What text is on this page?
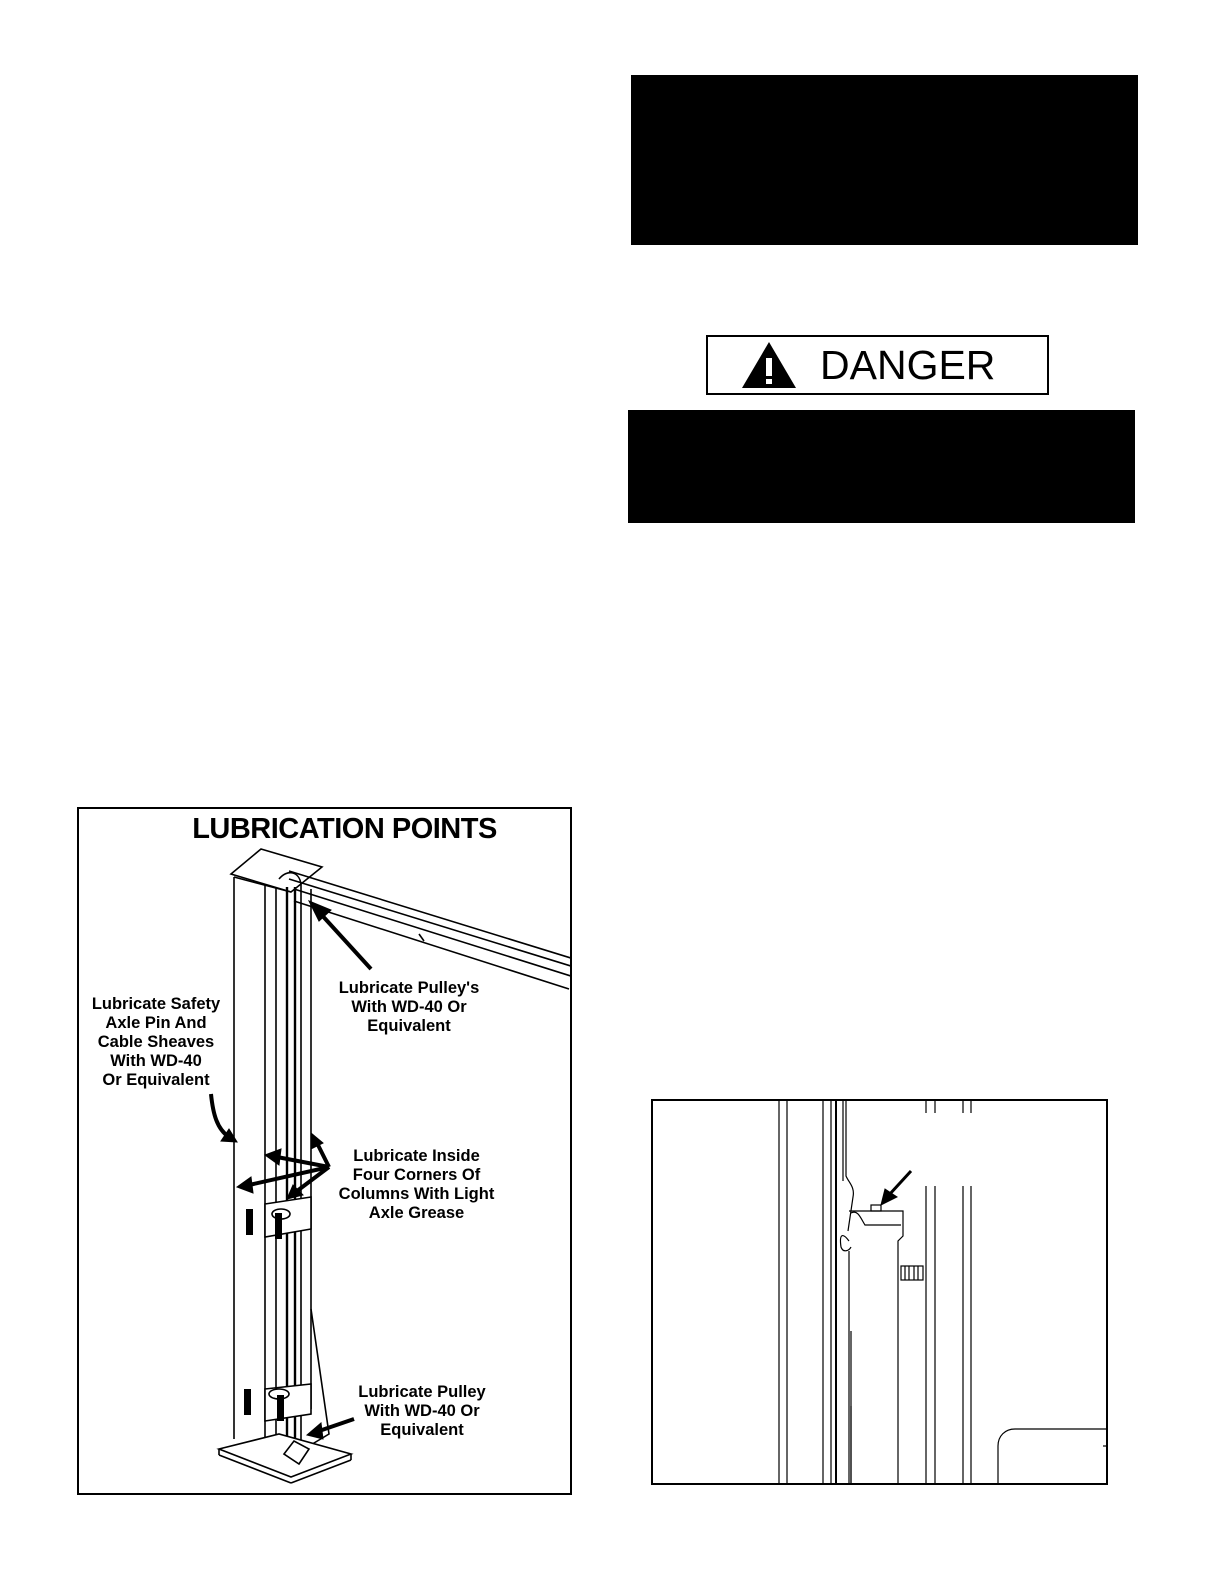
DANGER
LUBRICATION POINTS
Lubricate Safety
Axle Pin And
Cable Sheaves
With WD-40
Or Equivalent
Lubricate Pulley's
With WD-40 Or
Equivalent
Lubricate Inside
Four Corners Of
Columns With Light
Axle Grease
Lubricate Pulley
With WD-40 Or
Equivalent
